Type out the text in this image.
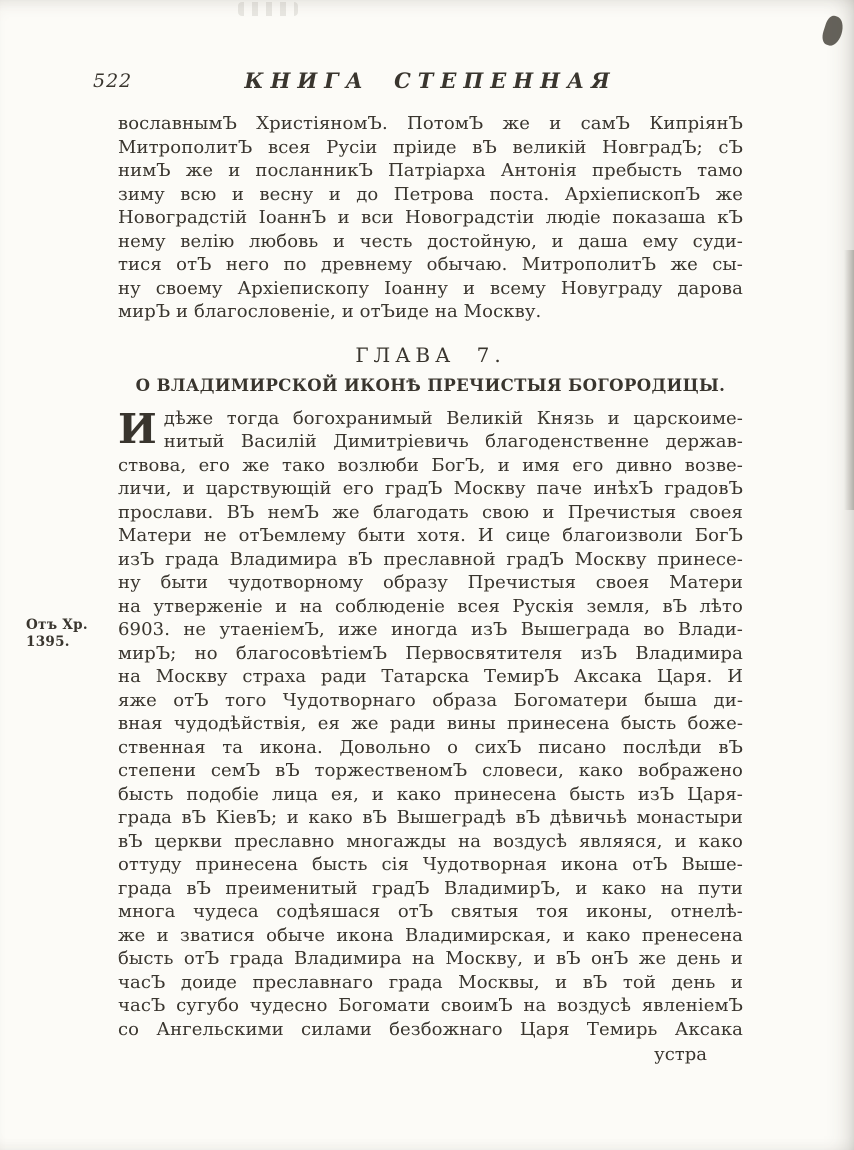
Отъ Хр.
1395.
522	КНИГА СТЕПЕННАЯ
вославнымЪ ХристіяномЪ. ПотомЪ же и самЪ КипріянЪ
МитрополитЪ всея Русіи пріиде вЪ великій НовградЪ; сЪ
нимЪ же и посланникЪ Патріарха Антонія пребысть тамо
зиму всю и весну и до Петрова поста. АрхіепископЪ же
Новоградстій ІоаннЪ и вси Новоградстіи людіе показаша кЪ
нему велію любовь и честь достойную, и даша ему суди-
тися отЪ него по древнему обычаю. МитрополитЪ же сы-
ну своему Архіепископу Іоанну и всему Новуграду дарова
мирЪ и благословеніе, и отЪиде на Москву.
ГЛАВА 7.
О ВЛАДИМИРСКОЙ ИКОНѢ ПРЕЧИСТЫЯ БОГОРОДИЦЫ.
И дѣже тогда богохранимый Великій Князь и царскоиме-
нитый Василій Димитріевичь благоденственне держав-
ствова, его же тако возлюби БогЪ, и имя его дивно возве-
личи, и царствующій его градЪ Москву паче инѣхЪ градовЪ
прослави. ВЪ немЪ же благодать свою и Пречистыя своея
Матери не отЪемлему быти хотя. И сице благоизволи БогЪ
изЪ града Владимира вЪ преславной градЪ Москву принесе-
ну быти чудотворному образу Пречистыя своея Матери
на утверженіе и на соблюденіе всея Рускія земля, вЪ лѣто
6903. не утаеніемЪ, иже иногда изЪ Вышеграда во Влади-
мирЪ; но благосовѣтіемЪ Первосвятителя изЪ Владимира
на Москву страха ради Татарска ТемирЪ Аксака Царя. И
яже отЪ того Чудотворнаго образа Богоматери быша ди-
вная чудодѣйствія, ея же ради вины принесена бысть боже-
ственная та икона. Довольно о сихЪ писано послѣди вЪ
степени семЪ вЪ торжественомЪ словеси, како вображено
бысть подобіе лица ея, и како принесена бысть изЪ Царя-
града вЪ КіевЪ; и како вЪ Вышеградѣ вЪ дѣвичьѣ монастыри
вЪ церкви преславно многажды на воздусѣ являяся, и како
оттуду принесена бысть сія Чудотворная икона отЪ Выше-
града вЪ преименитый градЪ ВладимирЪ, и како на пути
многа чудеса содѣяшася отЪ святыя тоя иконы, отнелѣ-
же и зватися обыче икона Владимирская, и како пренесена
бысть отЪ града Владимира на Москву, и вЪ онЪ же день и
часЪ доиде преславнаго града Москвы, и вЪ той день и
часЪ сугубо чудесно Богомати своимЪ на воздусѣ явленіемЪ
со Ангельскими силами безбожнаго Царя Темирь Аксака
устра
